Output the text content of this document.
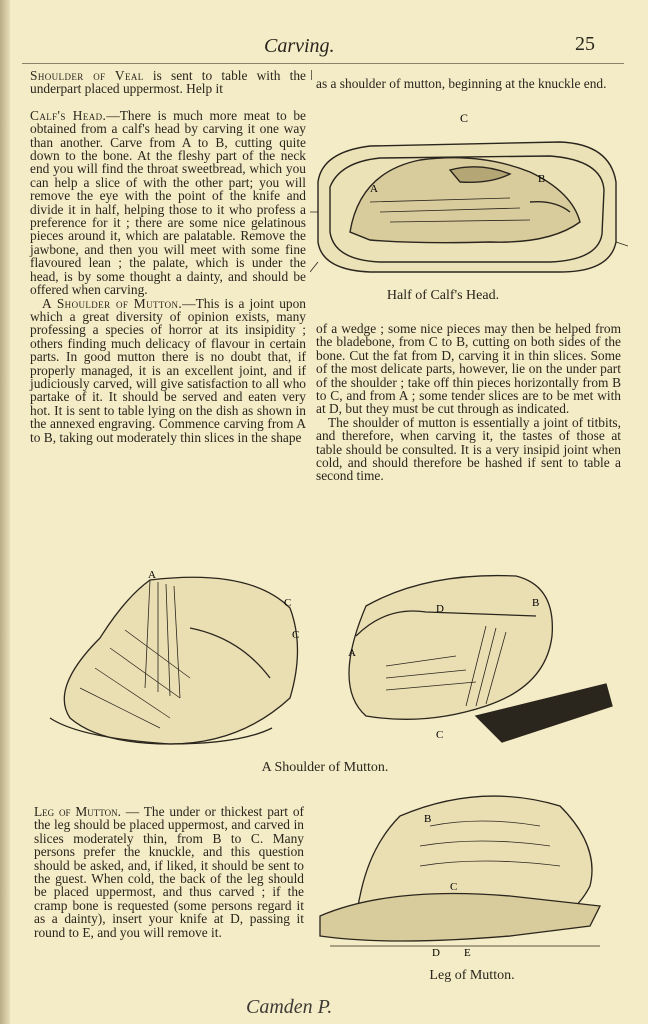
Carving.	25

Shoulder of Veal is sent to table with the underpart placed uppermost. Help it

Calf's Head.—There is much more meat to be obtained from a calf's head by carving it one way than another. Carve from A to B, cutting quite down to the bone. At the fleshy part of the neck end you will find the throat sweetbread, which you can help a slice of with the other part; you will remove the eye with the point of the knife and divide it in half, helping those to it who profess a preference for it ; there are some nice gelatinous pieces around it, which are palatable. Remove the jawbone, and then you will meet with some fine flavoured lean ; the palate, which is under the head, is by some thought a dainty, and should be offered when carving.

A Shoulder of Mutton.—This is a joint upon which a great diversity of opinion exists, many professing a species of horror at its insipidity ; others finding much delicacy of flavour in certain parts. In good mutton there is no doubt that, if properly managed, it is an excellent joint, and if judiciously carved, will give satisfaction to all who partake of it. It should be served and eaten very hot. It is sent to table lying on the dish as shown in the annexed engraving. Commence carving from A to B, taking out moderately thin slices in the shape

as a shoulder of mutton, beginning at the knuckle end.

C
A
B
Half of Calf's Head.

of a wedge ; some nice pieces may then be helped from the bladebone, from C to B, cutting on both sides of the bone. Cut the fat from D, carving it in thin slices. Some of the most delicate parts, however, lie on the under part of the shoulder ; take off thin pieces horizontally from B to C, and from A ; some tender slices are to be met with at D, but they must be cut through as indicated.

The shoulder of mutton is essentially a joint of titbits, and therefore, when carving it, the tastes of those at table should be consulted. It is a very insipid joint when cold, and should therefore be hashed if sent to table a second time.

A
C
C
B
D
A
C
A Shoulder of Mutton.
Leg of Mutton. — The under or thickest part of the leg should be placed uppermost, and carved in slices moderately thin, from B to C. Many persons prefer the knuckle, and this question should be asked, and, if liked, it should be sent to the guest. When cold, the back of the leg should be placed uppermost, and thus carved ; if the cramp bone is requested (some persons regard it as a dainty), insert your knife at D, passing it round to E, and you will remove it.
B
C
D E
Leg of Mutton.
Camden P.
